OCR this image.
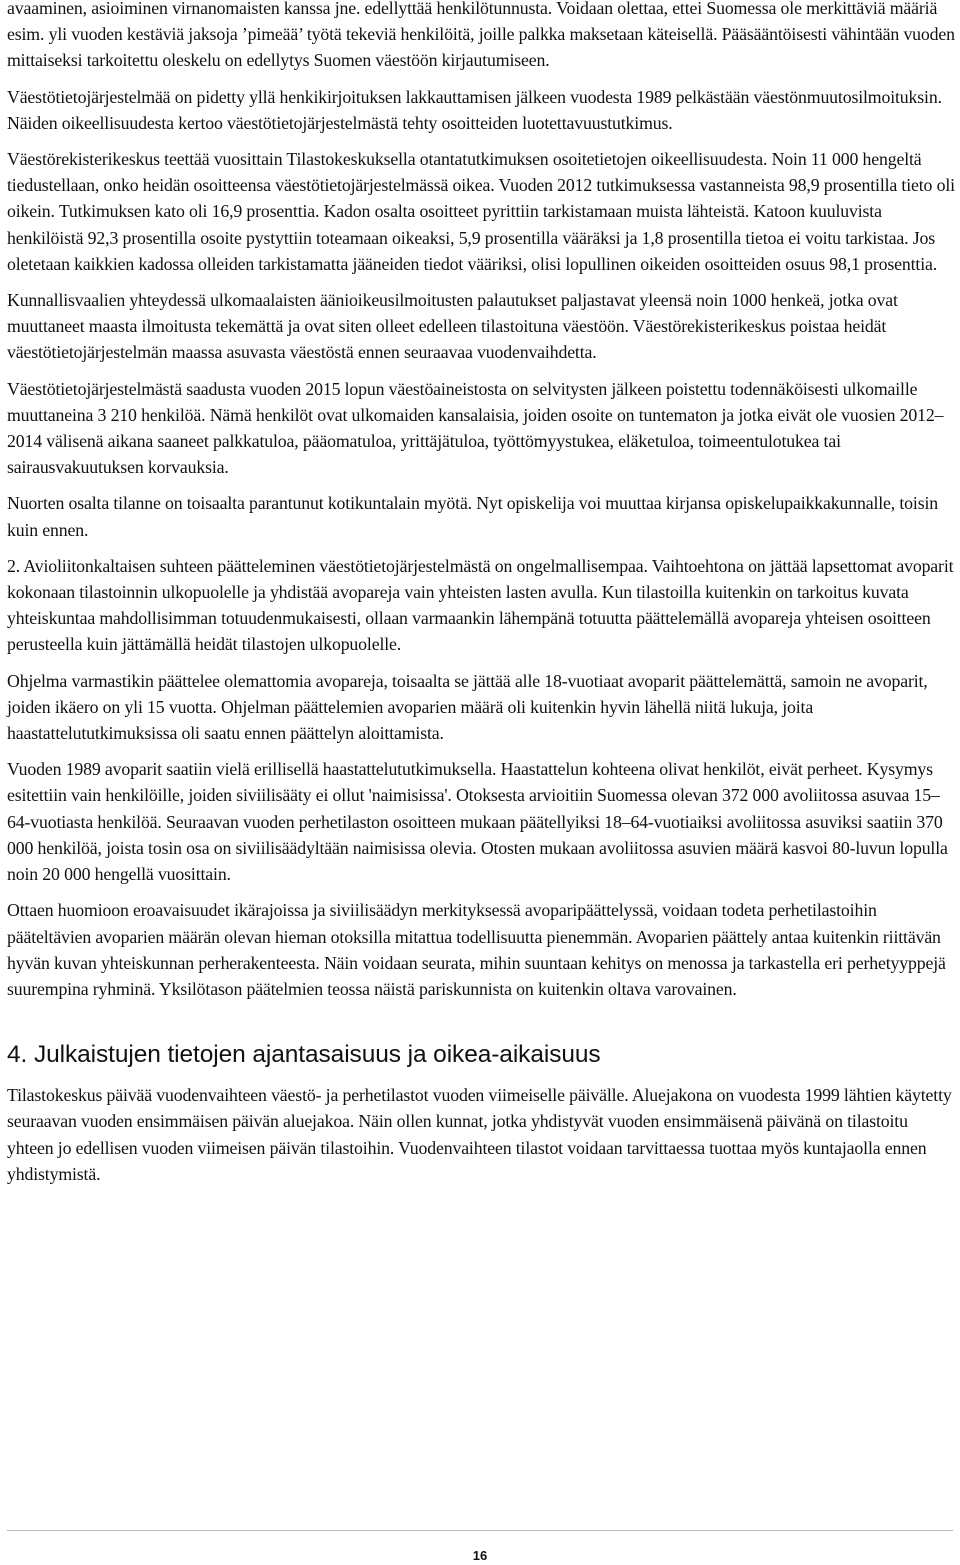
avaaminen, asioiminen virnanomaisten kanssa jne. edellyttää henkilötunnusta. Voidaan olettaa, ettei Suomessa ole merkittäviä määriä esim. yli vuoden kestäviä jaksoja ’pimeää’ työtä tekeviä henkilöitä, joille palkka maksetaan käteisellä. Pääsääntöisesti vähintään vuoden mittaiseksi tarkoitettu oleskelu on edellytys Suomen väestöön kirjautumiseen.

Väestötietojärjestelmää on pidetty yllä henkikirjoituksen lakkauttamisen jälkeen vuodesta 1989 pelkästään väestönmuutosilmoituksin. Näiden oikeellisuudesta kertoo väestötietojärjestelmästä tehty osoitteiden luotettavuustutkimus.

Väestörekisterikeskus teettää vuosittain Tilastokeskuksella otantatutkimuksen osoitetietojen oikeellisuudesta. Noin 11 000 hengeltä tiedustellaan, onko heidän osoitteensa väestötietojärjestelmässä oikea. Vuoden 2012 tutkimuksessa vastanneista 98,9 prosentilla tieto oli oikein. Tutkimuksen kato oli 16,9 prosenttia. Kadon osalta osoitteet pyrittiin tarkistamaan muista lähteistä. Katoon kuuluvista henkilöistä 92,3 prosentilla osoite pystyttiin toteamaan oikeaksi, 5,9 prosentilla vääräksi ja 1,8 prosentilla tietoa ei voitu tarkistaa. Jos oletetaan kaikkien kadossa olleiden tarkistamatta jääneiden tiedot vääriksi, olisi lopullinen oikeiden osoitteiden osuus 98,1 prosenttia.

Kunnallisvaalien yhteydessä ulkomaalaisten äänioikeusilmoitusten palautukset paljastavat yleensä noin 1000 henkeä, jotka ovat muuttaneet maasta ilmoitusta tekemättä ja ovat siten olleet edelleen tilastoituna väestöön. Väestörekisterikeskus poistaa heidät väestötietojärjestelmän maassa asuvasta väestöstä ennen seuraavaa vuodenvaihdetta.

Väestötietojärjestelmästä saadusta vuoden 2015 lopun väestöaineistosta on selvitysten jälkeen poistettu todennäköisesti ulkomaille muuttaneina 3 210 henkilöä. Nämä henkilöt ovat ulkomaiden kansalaisia, joiden osoite on tuntematon ja jotka eivät ole vuosien 2012–2014 välisenä aikana saaneet palkkatuloa, pääomatuloa, yrittäjätuloa, työttömyystukea, eläketuloa, toimeentulotukea tai sairausvakuutuksen korvauksia.

Nuorten osalta tilanne on toisaalta parantunut kotikuntalain myötä. Nyt opiskelija voi muuttaa kirjansa opiskelupaikkakunnalle, toisin kuin ennen.

2. Avioliitonkaltaisen suhteen päätteleminen väestötietojärjestelmästä on ongelmallisempaa. Vaihtoehtona on jättää lapsettomat avoparit kokonaan tilastoinnin ulkopuolelle ja yhdistää avopareja vain yhteisten lasten avulla. Kun tilastoilla kuitenkin on tarkoitus kuvata yhteiskuntaa mahdollisimman totuudenmukaisesti, ollaan varmaankin lähempänä totuutta päättelemällä avopareja yhteisen osoitteen perusteella kuin jättämällä heidät tilastojen ulkopuolelle.

Ohjelma varmastikin päättelee olemattomia avopareja, toisaalta se jättää alle 18-vuotiaat avoparit päättelemättä, samoin ne avoparit, joiden ikäero on yli 15 vuotta. Ohjelman päättelemien avoparien määrä oli kuitenkin hyvin lähellä niitä lukuja, joita haastattelututkimuksissa oli saatu ennen päättelyn aloittamista.

Vuoden 1989 avoparit saatiin vielä erillisellä haastattelututkimuksella. Haastattelun kohteena olivat henkilöt, eivät perheet. Kysymys esitettiin vain henkilöille, joiden siviilisääty ei ollut 'naimisissa'. Otoksesta arvioitiin Suomessa olevan 372 000 avoliitossa asuvaa 15–64-vuotiasta henkilöä. Seuraavan vuoden perhetilaston osoitteen mukaan päätellyiksi 18–64-vuotiaiksi avoliitossa asuviksi saatiin 370 000 henkilöä, joista tosin osa on siviilisäädyltään naimisissa olevia. Otosten mukaan avoliitossa asuvien määrä kasvoi 80-luvun lopulla noin 20 000 hengellä vuosittain.

Ottaen huomioon eroavaisuudet ikärajoissa ja siviilisäädyn merkityksessä avoparipäättelyssä, voidaan todeta perhetilastoihin pääteltävien avoparien määrän olevan hieman otoksilla mitattua todellisuutta pienemmän. Avoparien päättely antaa kuitenkin riittävän hyvän kuvan yhteiskunnan perherakenteesta. Näin voidaan seurata, mihin suuntaan kehitys on menossa ja tarkastella eri perhetyyppejä suurempina ryhminä. Yksilötason päätelmien teossa näistä pariskunnista on kuitenkin oltava varovainen.

4. Julkaistujen tietojen ajantasaisuus ja oikea-aikaisuus

Tilastokeskus päivää vuodenvaihteen väestö- ja perhetilastot vuoden viimeiselle päivälle. Aluejakona on vuodesta 1999 lähtien käytetty seuraavan vuoden ensimmäisen päivän aluejakoa. Näin ollen kunnat, jotka yhdistyvät vuoden ensimmäisenä päivänä on tilastoitu yhteen jo edellisen vuoden viimeisen päivän tilastoihin. Vuodenvaihteen tilastot voidaan tarvittaessa tuottaa myös kuntajaolla ennen yhdistymistä.

16
